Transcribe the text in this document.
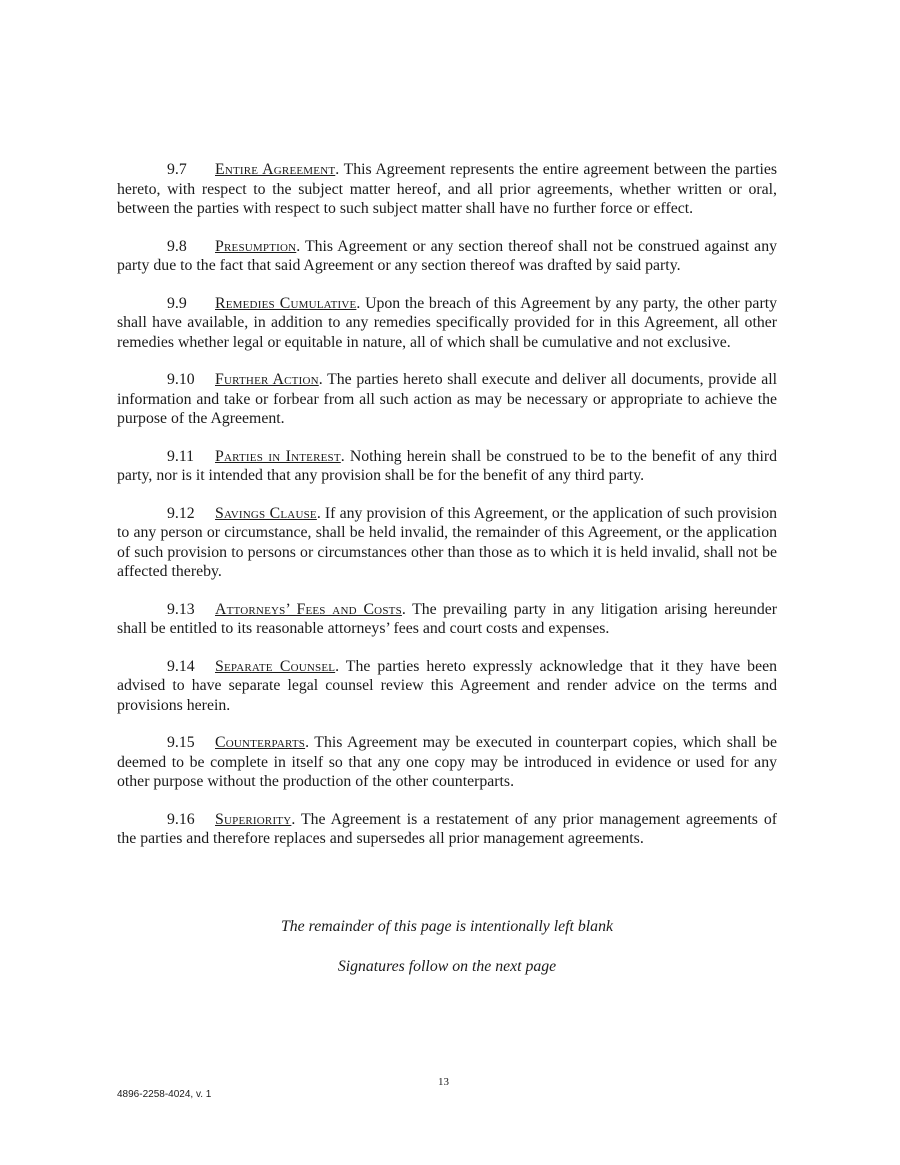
9.7 Entire Agreement. This Agreement represents the entire agreement between the parties hereto, with respect to the subject matter hereof, and all prior agreements, whether written or oral, between the parties with respect to such subject matter shall have no further force or effect.

9.8 Presumption. This Agreement or any section thereof shall not be construed against any party due to the fact that said Agreement or any section thereof was drafted by said party.

9.9 Remedies Cumulative. Upon the breach of this Agreement by any party, the other party shall have available, in addition to any remedies specifically provided for in this Agreement, all other remedies whether legal or equitable in nature, all of which shall be cumulative and not exclusive.

9.10 Further Action. The parties hereto shall execute and deliver all documents, provide all information and take or forbear from all such action as may be necessary or appropriate to achieve the purpose of the Agreement.

9.11 Parties in Interest. Nothing herein shall be construed to be to the benefit of any third party, nor is it intended that any provision shall be for the benefit of any third party.

9.12 Savings Clause. If any provision of this Agreement, or the application of such provision to any person or circumstance, shall be held invalid, the remainder of this Agreement, or the application of such provision to persons or circumstances other than those as to which it is held invalid, shall not be affected thereby.

9.13 Attorneys’ Fees and Costs. The prevailing party in any litigation arising hereunder shall be entitled to its reasonable attorneys’ fees and court costs and expenses.

9.14 Separate Counsel. The parties hereto expressly acknowledge that it they have been advised to have separate legal counsel review this Agreement and render advice on the terms and provisions herein.

9.15 Counterparts. This Agreement may be executed in counterpart copies, which shall be deemed to be complete in itself so that any one copy may be introduced in evidence or used for any other purpose without the production of the other counterparts.

9.16 Superiority. The Agreement is a restatement of any prior management agreements of the parties and therefore replaces and supersedes all prior management agreements.

The remainder of this page is intentionally left blank

Signatures follow on the next page

13
4896-2258-4024, v. 1
